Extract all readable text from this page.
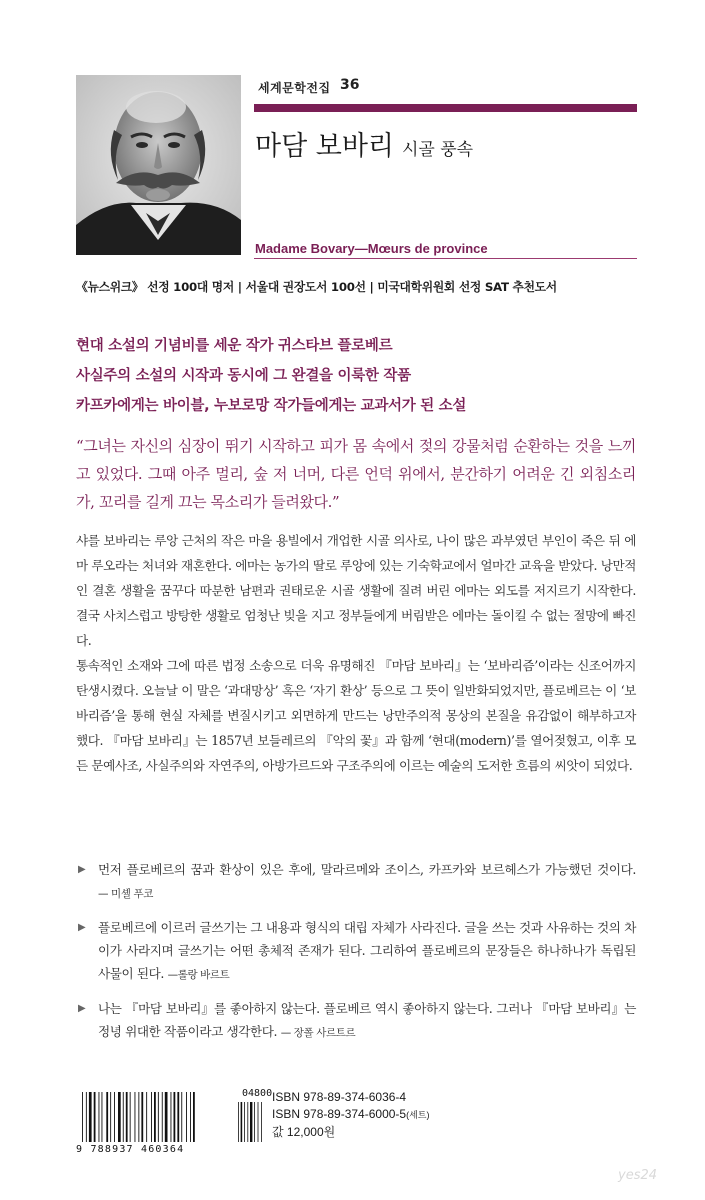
세계문학전집 36
마담 보바리 시골 풍속
Madame Bovary—Mœurs de province
《뉴스위크》 선정 100대 명저 | 서울대 권장도서 100선 | 미국대학위원회 선정 SAT 추천도서
현대 소설의 기념비를 세운 작가 귀스타브 플로베르
사실주의 소설의 시작과 동시에 그 완결을 이룩한 작품
카프카에게는 바이블, 누보로망 작가들에게는 교과서가 된 소설
“그녀는 자신의 심장이 뛰기 시작하고 피가 몸 속에서 젖의 강물처럼 순환하는 것을 느끼고 있었다. 그때 아주 멀리, 숲 저 너머, 다른 언덕 위에서, 분간하기 어려운 긴 외침소리가, 꼬리를 길게 끄는 목소리가 들려왔다.”

샤를 보바리는 루앙 근처의 작은 마을 용빌에서 개업한 시골 의사로, 나이 많은 과부였던 부인이 죽은 뒤 에마 루오라는 처녀와 재혼한다. 에마는 농가의 딸로 루앙에 있는 기숙학교에서 얼마간 교육을 받았다. 낭만적인 결혼 생활을 꿈꾸다 따분한 남편과 권태로운 시골 생활에 질려 버린 에마는 외도를 저지르기 시작한다. 결국 사치스럽고 방탕한 생활로 엄청난 빚을 지고 정부들에게 버림받은 에마는 돌이킬 수 없는 절망에 빠진다.

통속적인 소재와 그에 따른 법정 소송으로 더욱 유명해진 『마담 보바리』는 ‘보바리즘’이라는 신조어까지 탄생시켰다. 오늘날 이 말은 ‘과대망상’ 혹은 ‘자기 환상’ 등으로 그 뜻이 일반화되었지만, 플로베르는 이 ‘보바리즘’을 통해 현실 자체를 변질시키고 외면하게 만드는 낭만주의적 몽상의 본질을 유감없이 해부하고자 했다. 『마담 보바리』는 1857년 보들레르의 『악의 꽃』과 함께 ‘현대(modern)’를 열어젖혔고, 이후 모든 문예사조, 사실주의와 자연주의, 아방가르드와 구조주의에 이르는 예술의 도저한 흐름의 씨앗이 되었다.

▶ 먼저 플로베르의 꿈과 환상이 있은 후에, 말라르메와 조이스, 카프카와 보르헤스가 가능했던 것이다. — 미셸 푸코
▶ 플로베르에 이르러 글쓰기는 그 내용과 형식의 대립 자체가 사라진다. 글을 쓰는 것과 사유하는 것의 차이가 사라지며 글쓰기는 어떤 총체적 존재가 된다. 그리하여 플로베르의 문장들은 하나하나가 독립된 사물이 된다. —롤랑 바르트
▶ 나는 『마담 보바리』를 좋아하지 않는다. 플로베르 역시 좋아하지 않는다. 그러나 『마담 보바리』는 정녕 위대한 작품이라고 생각한다. — 장폴 사르트르
04800
9 788937 460364
ISBN 978-89-374-6036-4
ISBN 978-89-374-6000-5(세트)
값 12,000원
yes24
